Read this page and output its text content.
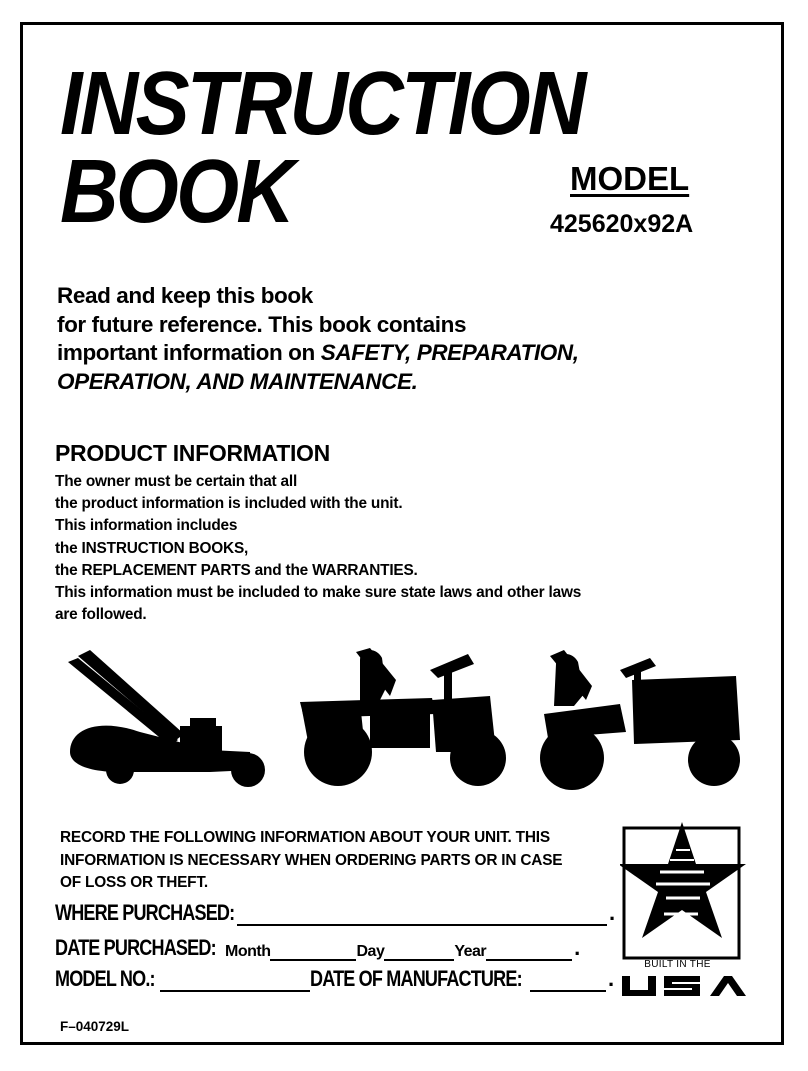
INSTRUCTION
BOOK	MODEL
425620x92A
Read and keep this book
for future reference. This book contains
important information on SAFETY, PREPARATION,
OPERATION, AND MAINTENANCE.
PRODUCT INFORMATION
The owner must be certain that all
the product information is included with the unit.
This information includes
the INSTRUCTION BOOKS,
the REPLACEMENT PARTS and the WARRANTIES.
This information must be included to make sure state laws and other laws
are followed.
RECORD THE FOLLOWING INFORMATION ABOUT YOUR UNIT. THIS
INFORMATION IS NECESSARY WHEN ORDERING PARTS OR IN CASE
OF LOSS OR THEFT.
WHERE PURCHASED:	.
DATE PURCHASED: Month	Day	Year	.
MODEL NO.:	DATE OF MANUFACTURE:	.
BUILT IN THE
F–040729L
